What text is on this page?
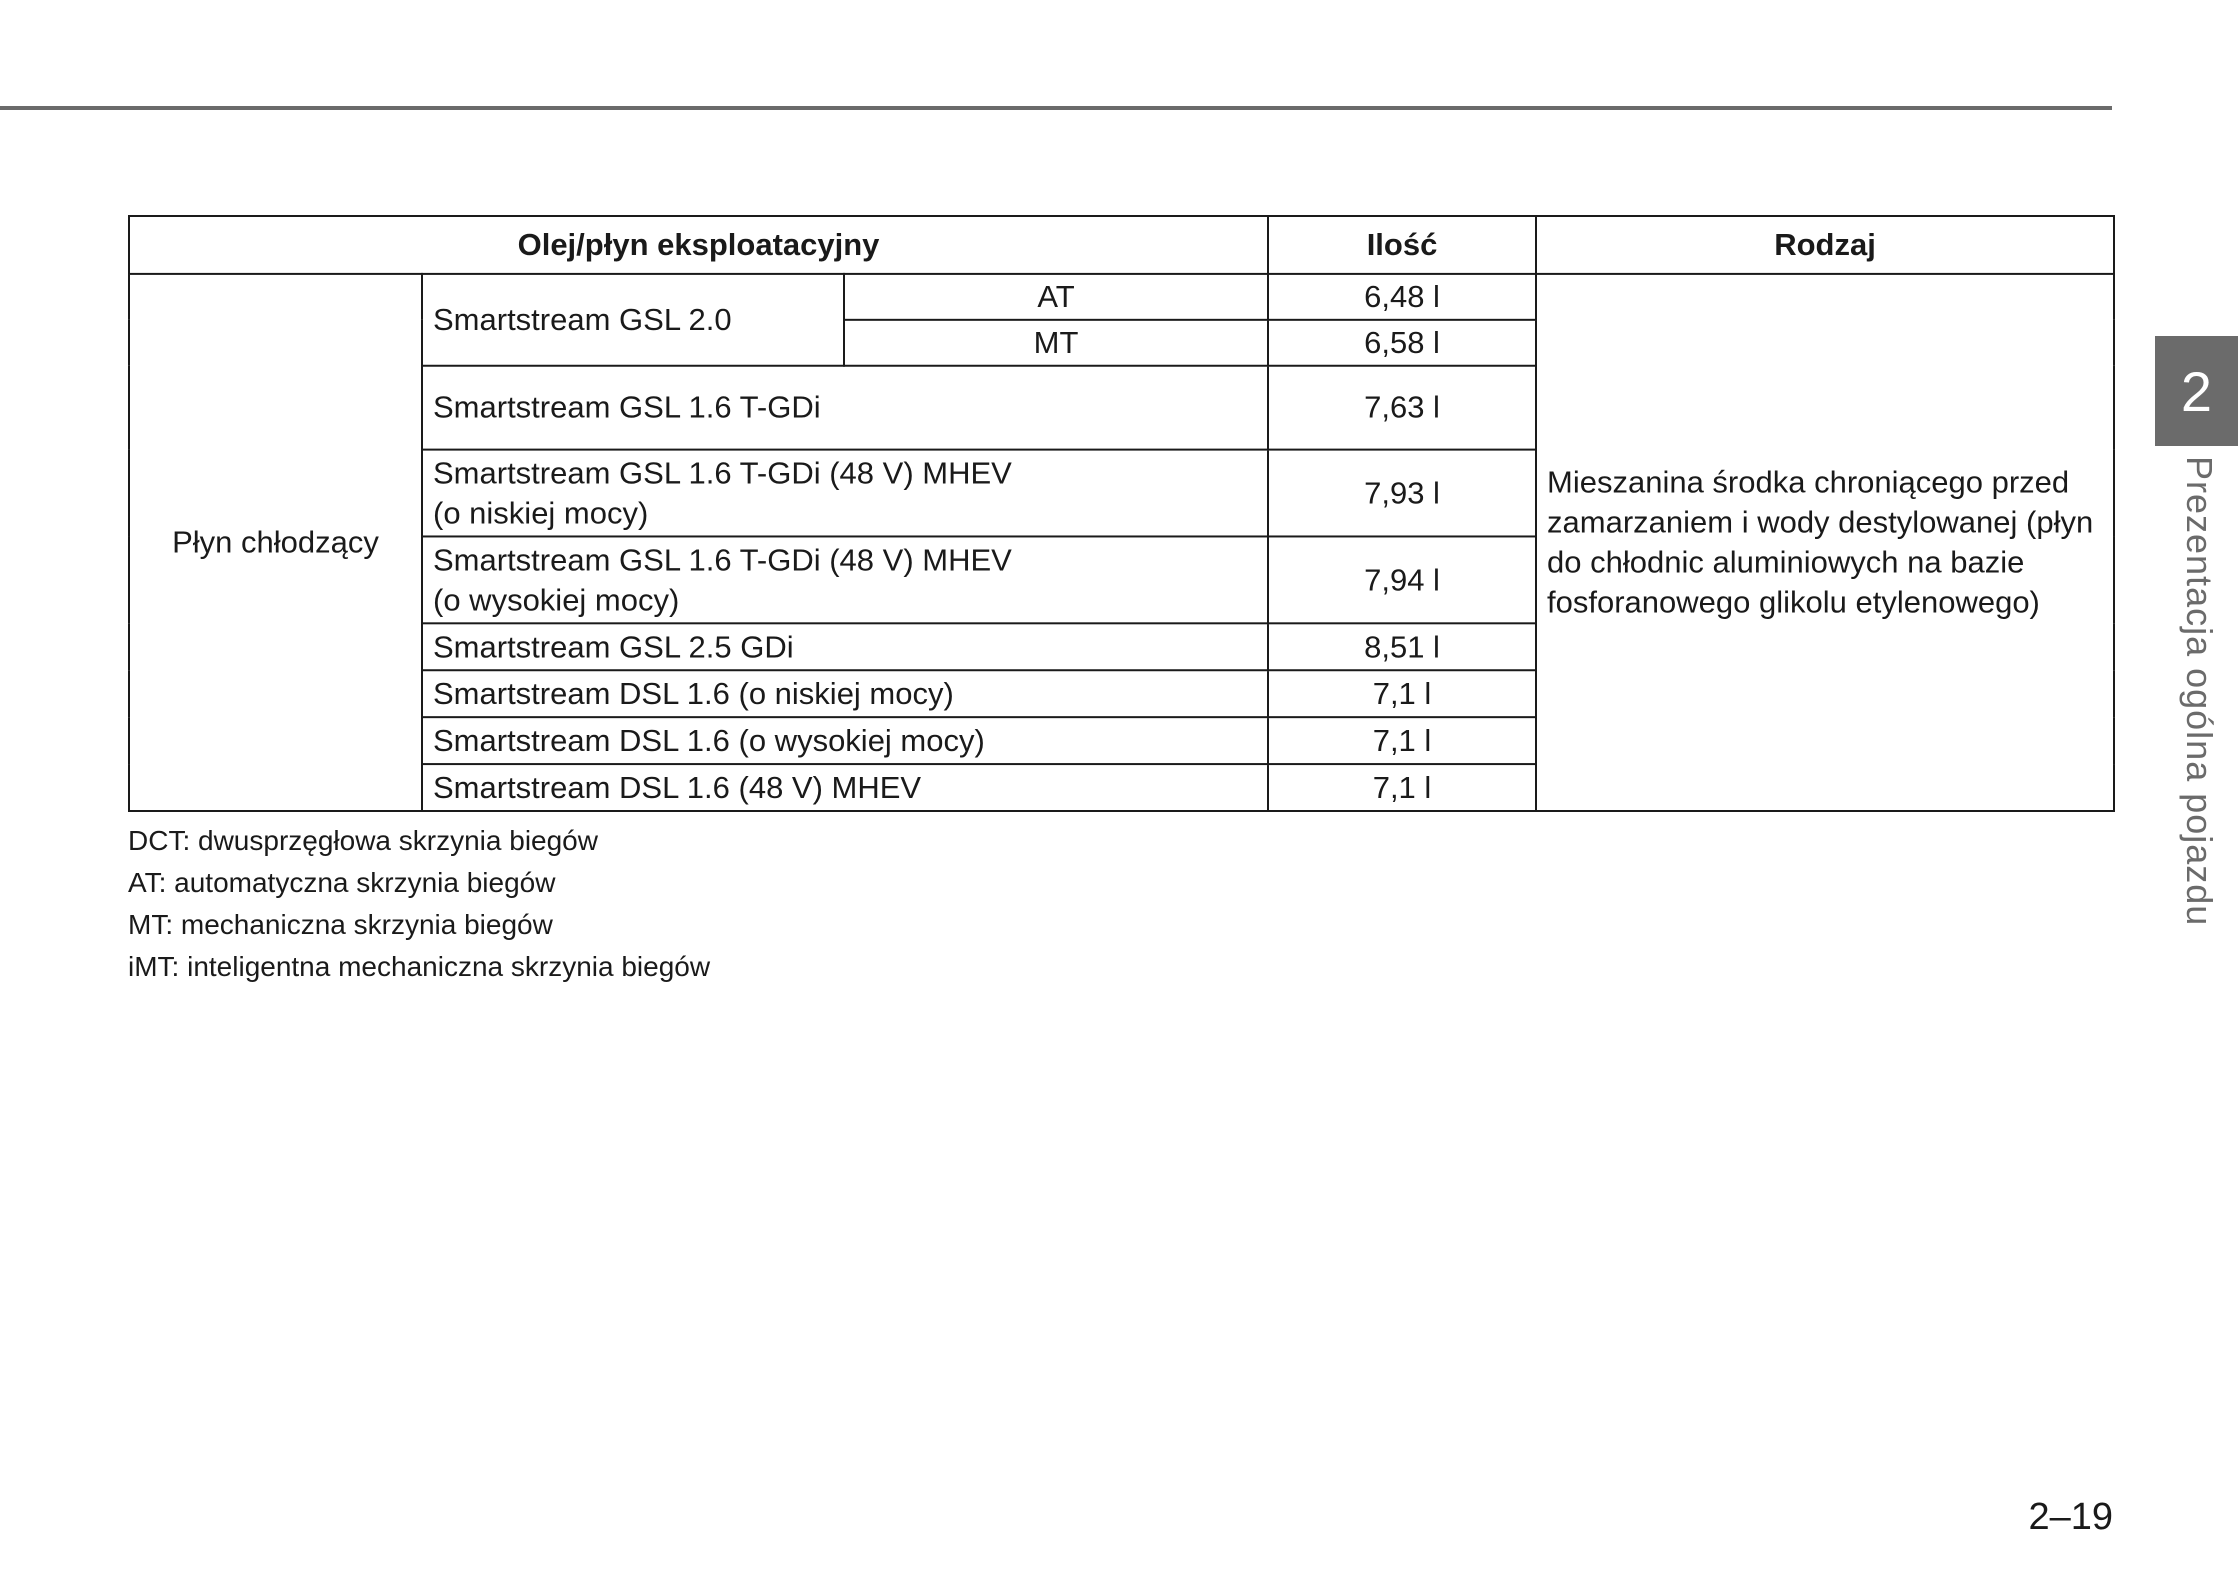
Olej/płyn eksploatacyjny			Ilość	Rodzaj
Płyn chłodzący	Smartstream GSL 2.0	AT	6,48 l	Mieszanina środka chroniącego przed
zamarzaniem i wody destylowanej (płyn
do chłodnic aluminiowych na bazie
fosforanowego glikolu etylenowego)

		MT	6,58 l	
	Smartstream GSL 1.6 T-GDi		7,63 l	

	Smartstream GSL 1.6 T-GDi (48 V) MHEV
(o niskiej mocy)		7,93 l	

	Smartstream GSL 1.6 T-GDi (48 V) MHEV
(o wysokiej mocy)		7,94 l	
	Smartstream GSL 2.5 GDi		8,51 l	
	Smartstream DSL 1.6 (o niskiej mocy)		7,1 l	
	Smartstream DSL 1.6 (o wysokiej mocy)		7,1 l	
	Smartstream DSL 1.6 (48 V) MHEV		7,1 l	
DCT: dwusprzęgłowa skrzynia biegów
AT: automatyczna skrzynia biegów
MT: mechaniczna skrzynia biegów
iMT: inteligentna mechaniczna skrzynia biegów
2
Prezentacja ogólna pojazdu
2–19
